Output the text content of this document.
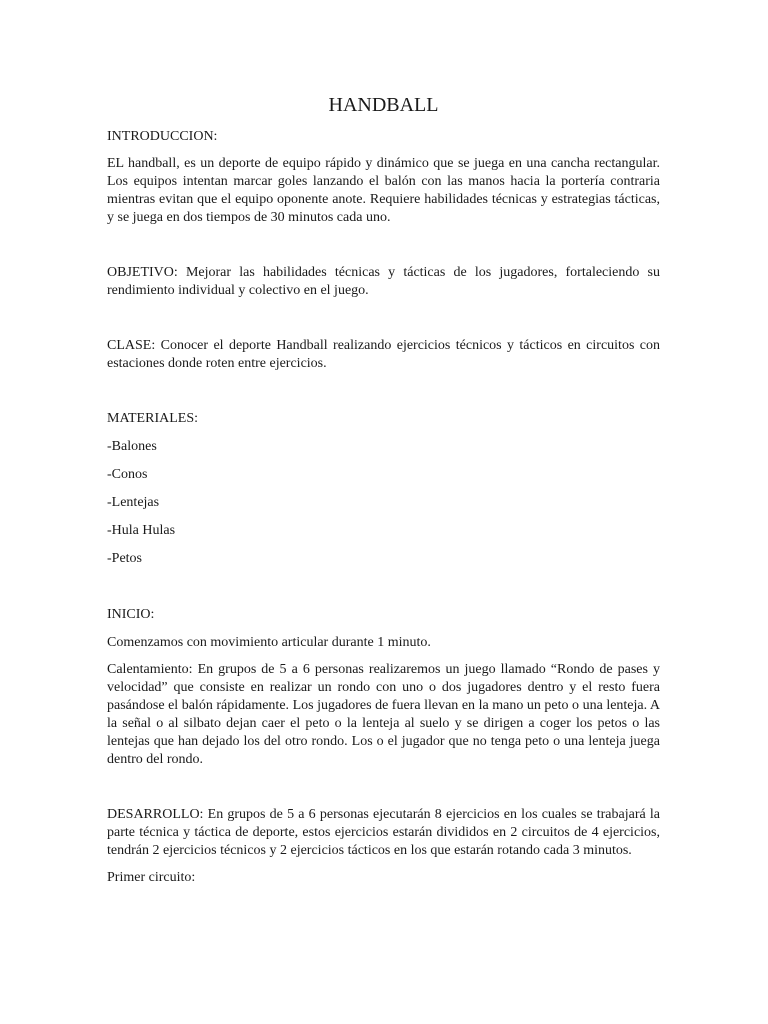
HANDBALL

INTRODUCCION:

EL handball, es un deporte de equipo rápido y dinámico que se juega en una cancha rectangular. Los equipos intentan marcar goles lanzando el balón con las manos hacia la portería contraria mientras evitan que el equipo oponente anote. Requiere habilidades técnicas y estrategias tácticas, y se juega en dos tiempos de 30 minutos cada uno.

OBJETIVO: Mejorar las habilidades técnicas y tácticas de los jugadores, fortaleciendo su rendimiento individual y colectivo en el juego.

CLASE: Conocer el deporte Handball realizando ejercicios técnicos y tácticos en circuitos con estaciones donde roten entre ejercicios.

MATERIALES:

-Balones
-Conos
-Lentejas
-Hula Hulas
-Petos

INICIO:

Comenzamos con movimiento articular durante 1 minuto.

Calentamiento: En grupos de 5 a 6 personas realizaremos un juego llamado “Rondo de pases y velocidad” que consiste en realizar un rondo con uno o dos jugadores dentro y el resto fuera pasándose el balón rápidamente. Los jugadores de fuera llevan en la mano un peto o una lenteja. A la señal o al silbato dejan caer el peto o la lenteja al suelo y se dirigen a coger los petos o las lentejas que han dejado los del otro rondo. Los o el jugador que no tenga peto o una lenteja juega dentro del rondo.

DESARROLLO: En grupos de 5 a 6 personas ejecutarán 8 ejercicios en los cuales se trabajará la parte técnica y táctica de deporte, estos ejercicios estarán divididos en 2 circuitos de 4 ejercicios, tendrán 2 ejercicios técnicos y 2 ejercicios tácticos en los que estarán rotando cada 3 minutos.

Primer circuito:
